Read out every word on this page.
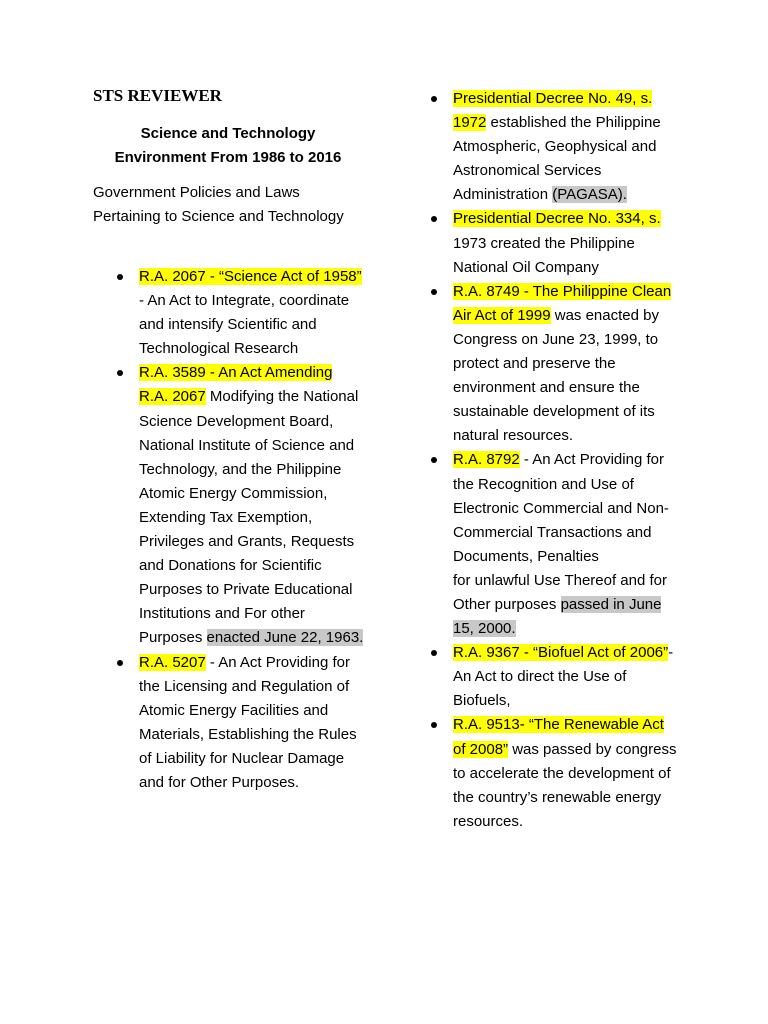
STS REVIEWER

Science and Technology Environment From 1986 to 2016

Government Policies and Laws Pertaining to Science and Technology

R.A. 2067 - “Science Act of 1958” - An Act to Integrate, coordinate and intensify Scientific and Technological Research
R.A. 3589 - An Act Amending R.A. 2067 Modifying the National Science Development Board, National Institute of Science and Technology, and the Philippine Atomic Energy Commission, Extending Tax Exemption, Privileges and Grants, Requests and Donations for Scientific Purposes to Private Educational Institutions and For other Purposes enacted June 22, 1963.
R.A. 5207 - An Act Providing for the Licensing and Regulation of Atomic Energy Facilities and Materials, Establishing the Rules of Liability for Nuclear Damage and for Other Purposes.
Presidential Decree No. 49, s. 1972 established the Philippine Atmospheric, Geophysical and Astronomical Services Administration (PAGASA).
Presidential Decree No. 334, s. 1973 created the Philippine National Oil Company
R.A. 8749 - The Philippine Clean Air Act of 1999 was enacted by Congress on June 23, 1999, to protect and preserve the environment and ensure the sustainable development of its natural resources.
R.A. 8792 - An Act Providing for the Recognition and Use of Electronic Commercial and Non- Commercial Transactions and Documents, Penalties
for unlawful Use Thereof and for Other purposes passed in June 15, 2000.
R.A. 9367 - “Biofuel Act of 2006”- An Act to direct the Use of Biofuels,
R.A. 9513- “The Renewable Act of 2008” was passed by congress to accelerate the development of the country’s renewable energy resources.
